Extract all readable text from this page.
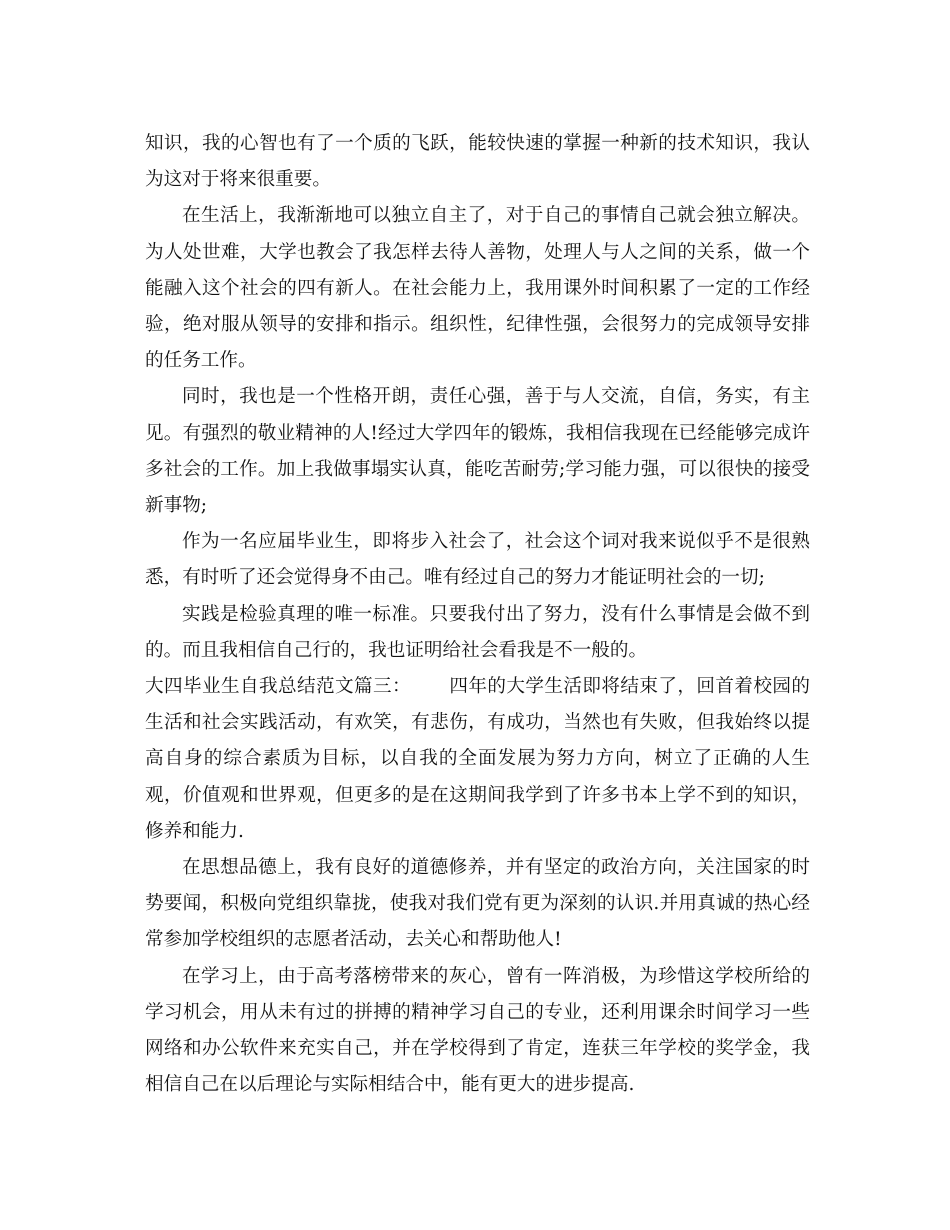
知识，我的心智也有了一个质的飞跃，能较快速的掌握一种新的技术知识，我认为这对于将来很重要。

在生活上，我渐渐地可以独立自主了，对于自己的事情自己就会独立解决。为人处世难，大学也教会了我怎样去待人善物，处理人与人之间的关系，做一个能融入这个社会的四有新人。在社会能力上，我用课外时间积累了一定的工作经验，绝对服从领导的安排和指示。组织性，纪律性强，会很努力的完成领导安排的任务工作。

同时，我也是一个性格开朗，责任心强，善于与人交流，自信，务实，有主见。有强烈的敬业精神的人!经过大学四年的锻炼，我相信我现在已经能够完成许多社会的工作。加上我做事塌实认真，能吃苦耐劳;学习能力强，可以很快的接受新事物;

作为一名应届毕业生，即将步入社会了，社会这个词对我来说似乎不是很熟悉，有时听了还会觉得身不由己。唯有经过自己的努力才能证明社会的一切;

实践是检验真理的唯一标准。只要我付出了努力，没有什么事情是会做不到的。而且我相信自己行的，我也证明给社会看我是不一般的。

大四毕业生自我总结范文篇三： 四年的大学生活即将结束了，回首着校园的生活和社会实践活动，有欢笑，有悲伤，有成功，当然也有失败，但我始终以提高自身的综合素质为目标，以自我的全面发展为努力方向，树立了正确的人生观，价值观和世界观，但更多的是在这期间我学到了许多书本上学不到的知识，修养和能力.

在思想品德上，我有良好的道德修养，并有坚定的政治方向，关注国家的时势要闻，积极向党组织靠拢，使我对我们党有更为深刻的认识.并用真诚的热心经常参加学校组织的志愿者活动，去关心和帮助他人!

在学习上，由于高考落榜带来的灰心，曾有一阵消极，为珍惜这学校所给的学习机会，用从未有过的拼搏的精神学习自己的专业，还利用课余时间学习一些网络和办公软件来充实自己，并在学校得到了肯定，连获三年学校的奖学金，我相信自己在以后理论与实际相结合中，能有更大的进步提高.
